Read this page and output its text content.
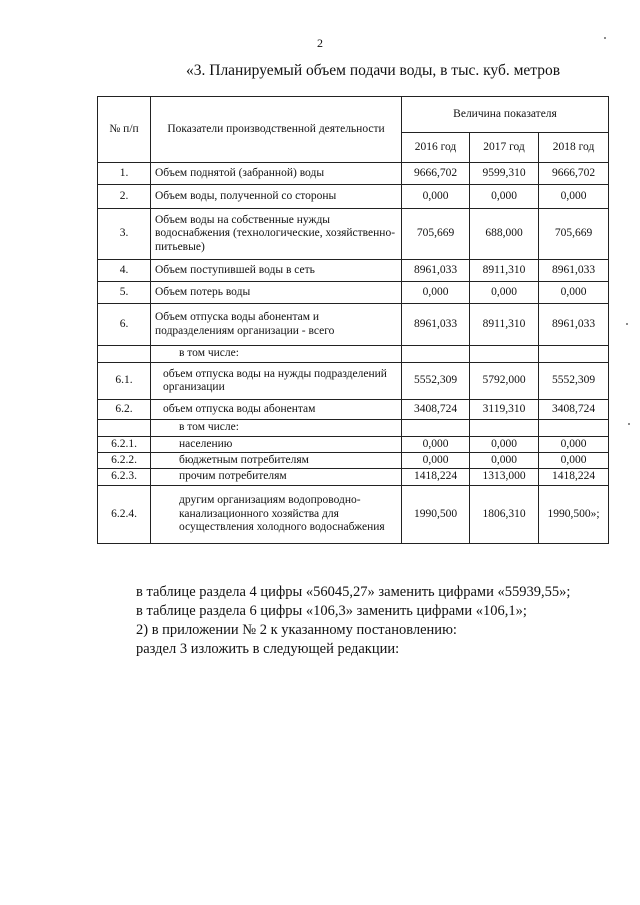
2
«3. Планируемый объем подачи воды, в тыс. куб. метров
№ п/п	Показатели производственной деятельности	Величина показателя		
		2016 год	2017 год	2018 год
1.	Объем поднятой (забранной) воды	9666,702	9599,310	9666,702
2.	Объем воды, полученной со стороны	0,000	0,000	0,000
3.	Объем воды на собственные нужды водоснабжения (технологические, хозяйственно-питьевые)	705,669	688,000	705,669
4.	Объем поступившей воды в сеть	8961,033	8911,310	8961,033
5.	Объем потерь воды	0,000	0,000	0,000
6.	Объем отпуска воды абонентам и подразделениям организации - всего	8961,033	8911,310	8961,033
	в том числе:			
6.1.	объем отпуска воды на нужды подразделений организации	5552,309	5792,000	5552,309
6.2.	объем отпуска воды абонентам	3408,724	3119,310	3408,724
	в том числе:			
6.2.1.	населению	0,000	0,000	0,000
6.2.2.	бюджетным потребителям	0,000	0,000	0,000
6.2.3.	прочим потребителям	1418,224	1313,000	1418,224
6.2.4.	другим организациям водопроводно-канализационного хозяйства для осуществления холодного водоснабжения	1990,500	1806,310	1990,500»;
в таблице раздела 4 цифры «56045,27» заменить цифрами «55939,55»;
в таблице раздела 6 цифры «106,3» заменить цифрами «106,1»;
2) в приложении № 2 к указанному постановлению:
раздел 3 изложить в следующей редакции:
